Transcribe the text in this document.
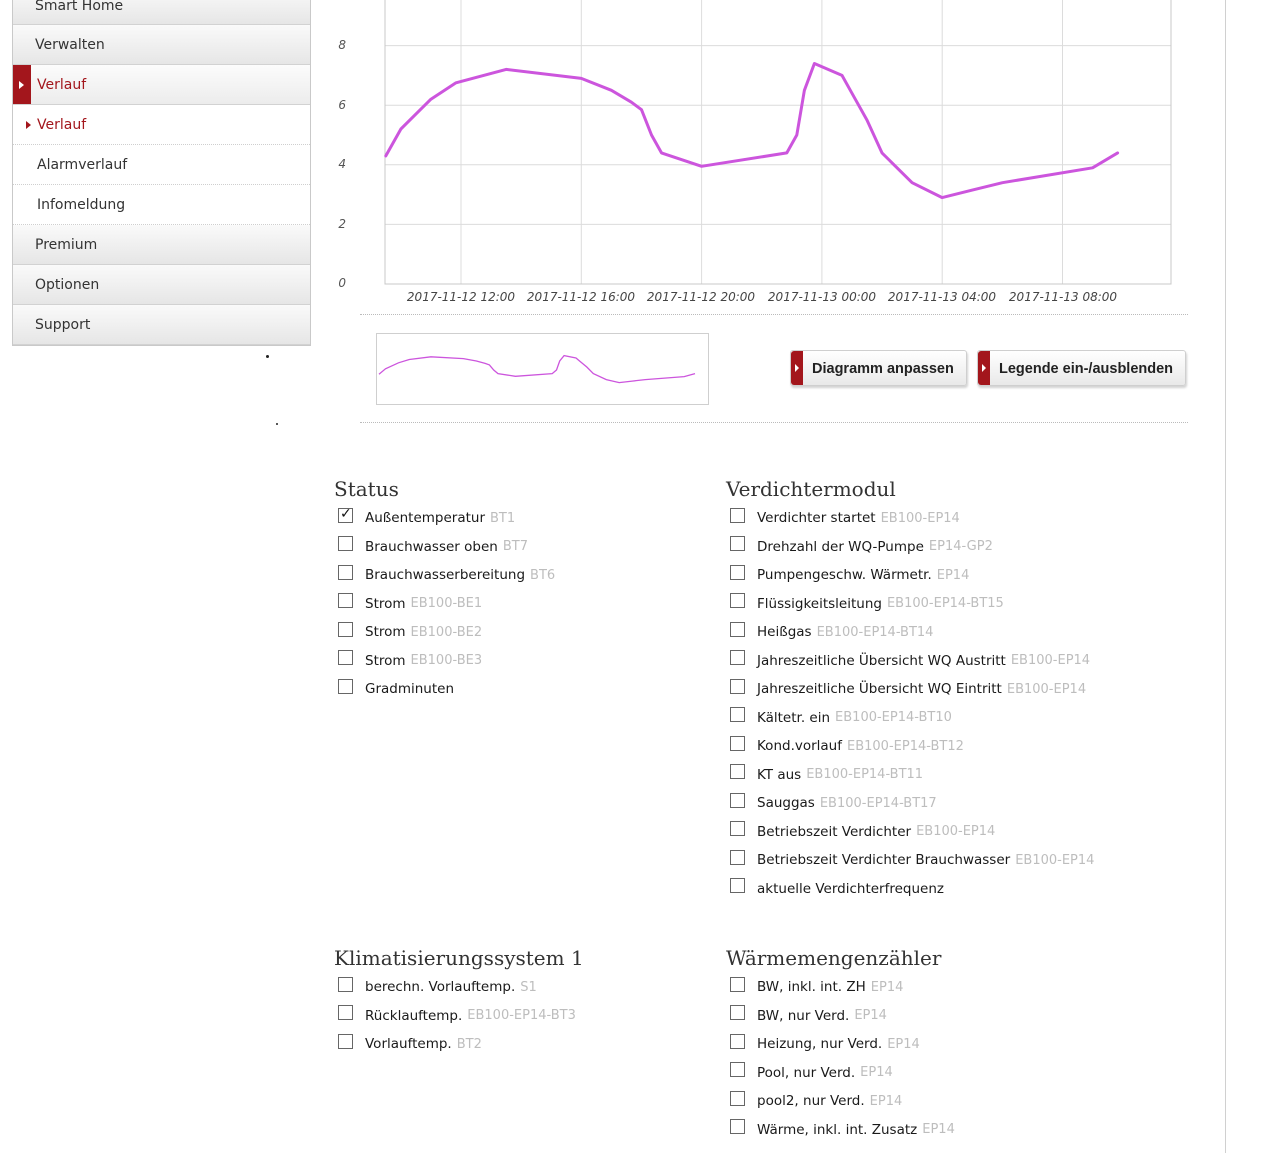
Smart Home
Verwalten
Verlauf
Verlauf
Alarmverlauf
Infomeldung
Premium
Optionen
Support
0
2
4
6
8
2017-11-12 12:00 2017-11-12 16:00 2017-11-12 20:00 2017-11-13 00:00 2017-11-13 04:00 2017-11-13 08:00
Diagramm anpassen	Legende ein-/ausblenden
Status
✓
Außentemperatur BT1
Brauchwasser oben BT7
Brauchwasserbereitung BT6
Strom EB100-BE1
Strom EB100-BE2
Strom EB100-BE3
Gradminuten
Verdichtermodul
Verdichter startet EB100-EP14
Drehzahl der WQ-Pumpe EP14-GP2
Pumpengeschw. Wärmetr. EP14
Flüssigkeitsleitung EB100-EP14-BT15
Heißgas EB100-EP14-BT14
Jahreszeitliche Übersicht WQ Austritt EB100-EP14
Jahreszeitliche Übersicht WQ Eintritt EB100-EP14
Kältetr. ein EB100-EP14-BT10
Kond.vorlauf EB100-EP14-BT12
KT aus EB100-EP14-BT11
Sauggas EB100-EP14-BT17
Betriebszeit Verdichter EB100-EP14
Betriebszeit Verdichter Brauchwasser EB100-EP14
aktuelle Verdichterfrequenz
Klimatisierungssystem 1
berechn. Vorlauftemp. S1
Rücklauftemp. EB100-EP14-BT3
Vorlauftemp. BT2
Wärmemengenzähler
BW, inkl. int. ZH EP14
BW, nur Verd. EP14
Heizung, nur Verd. EP14
Pool, nur Verd. EP14
pool2, nur Verd. EP14
Wärme, inkl. int. Zusatz EP14
